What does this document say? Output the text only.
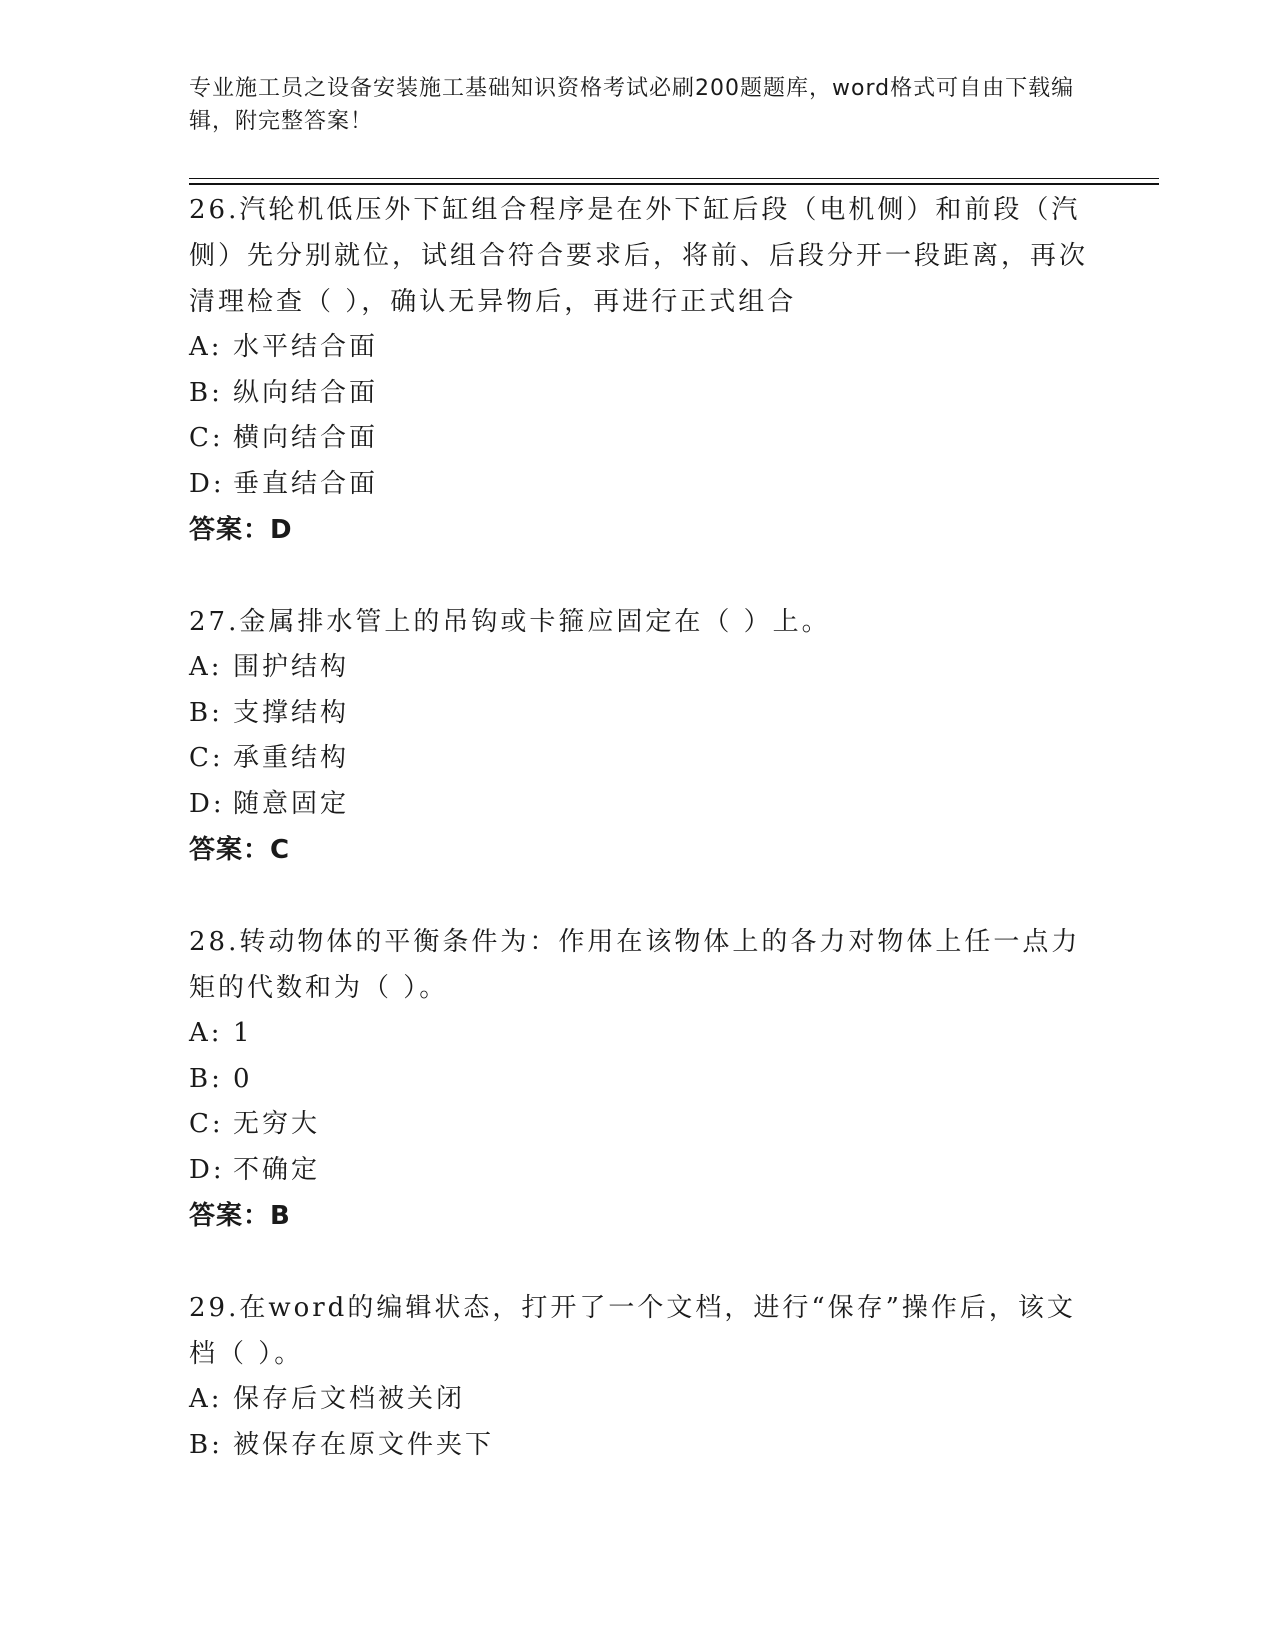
专业施工员之设备安装施工基础知识资格考试必刷200题题库，word格式可自由下载编辑，附完整答案！
26.汽轮机低压外下缸组合程序是在外下缸后段（电机侧）和前段（汽侧）先分别就位，试组合符合要求后，将前、后段分开一段距离，再次清理检查（ ），确认无异物后，再进行正式组合
A: 水平结合面
B: 纵向结合面
C: 横向结合面
D: 垂直结合面
答案：D
27.金属排水管上的吊钩或卡箍应固定在（ ）上。
A: 围护结构
B: 支撑结构
C: 承重结构
D: 随意固定
答案：C
28.转动物体的平衡条件为：作用在该物体上的各力对物体上任一点力矩的代数和为（ ）。
A: 1
B: 0
C: 无穷大
D: 不确定
答案：B
29.在word的编辑状态，打开了一个文档，进行“保存”操作后，该文档（ ）。
A: 保存后文档被关闭
B: 被保存在原文件夹下
